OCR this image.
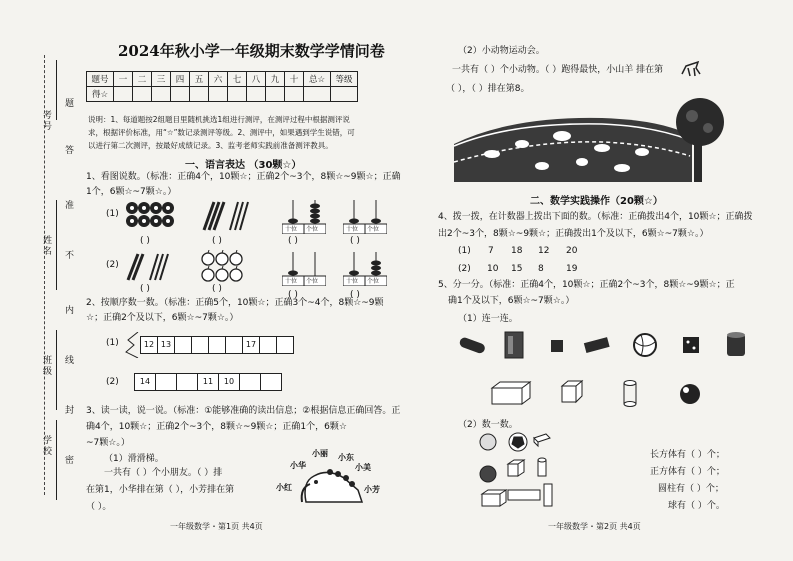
考号
姓名
班级
学校
题
答
准
不
内
线
封
密
2024年秋小学一年级期末数学学情问卷
题号	一	二	三	四	五	六	七	八	九	十	总☆	等级
得☆												
说明：1、每道题按2组题目里随机挑选1组进行测评，在测评过程中根据测评说
求，根据评价标准，用“☆”数记录测评等级。2、测评中，如果遇到学生说错，可
以进行第二次测评，按最好成绩记录。3、监考老师实践前准备测评教具。
一、语言表达 （30颗☆）
1、看图说数。（标准：正确4个，10颗☆；正确2个~3个，8颗☆~9颗☆；正确
1个，6颗☆~7颗☆。）
(1)
十位 个位	十位 个位
( )	( )	( )	( )
(2)
十位 个位	十位 个位
( )	( )
( )	( )
2、按顺序数一数。（标准：正确5个，10颗☆；正确3个~4个，8颗☆~9颗
☆；正确2个及以下，6颗☆~7颗☆。）
(1)	12 13	17
(2)	14	11	10
3、读一读，说一说。（标准：①能够准确的读出信息；②根据信息正确回答。正
确4个，10颗☆；正确2个~3个，8颗☆~9颗☆；正确1个，6颗☆
~7颗☆。）
（1）滑滑梯。
一共有（ ）个小朋友。（ ）排
在第1，小华排在第（ ），小芳排在第
（ ）。
小丽 小东
小华	小美
小红	小芳
一年级数学・第1页 共4页
（2）小动物运动会。
一共有（ ）个小动物。（ ）跑得最快，小山羊 排在第
（ ），（ ）排在第8。
二、数学实践操作（20颗☆）
4、拨一拨，在计数器上拨出下面的数。（标准：正确拨出4个，10颗☆；正确拨
出2个~3个，8颗☆~9颗☆；正确拨出1个及以下，6颗☆~7颗☆。）
(1) 7 18 12 20
(2) 10 15 8 19
5、分一分。（标准：正确4个，10颗☆；正确2个~3个，8颗☆~9颗☆；正
确1个及以下，6颗☆~7颗☆。）
（1）连一连。
（2）数一数。
长方体有（ ）个；
正方体有（ ）个；
圆柱有（ ）个；
球有（ ）个。
一年级数学・第2页 共4页
